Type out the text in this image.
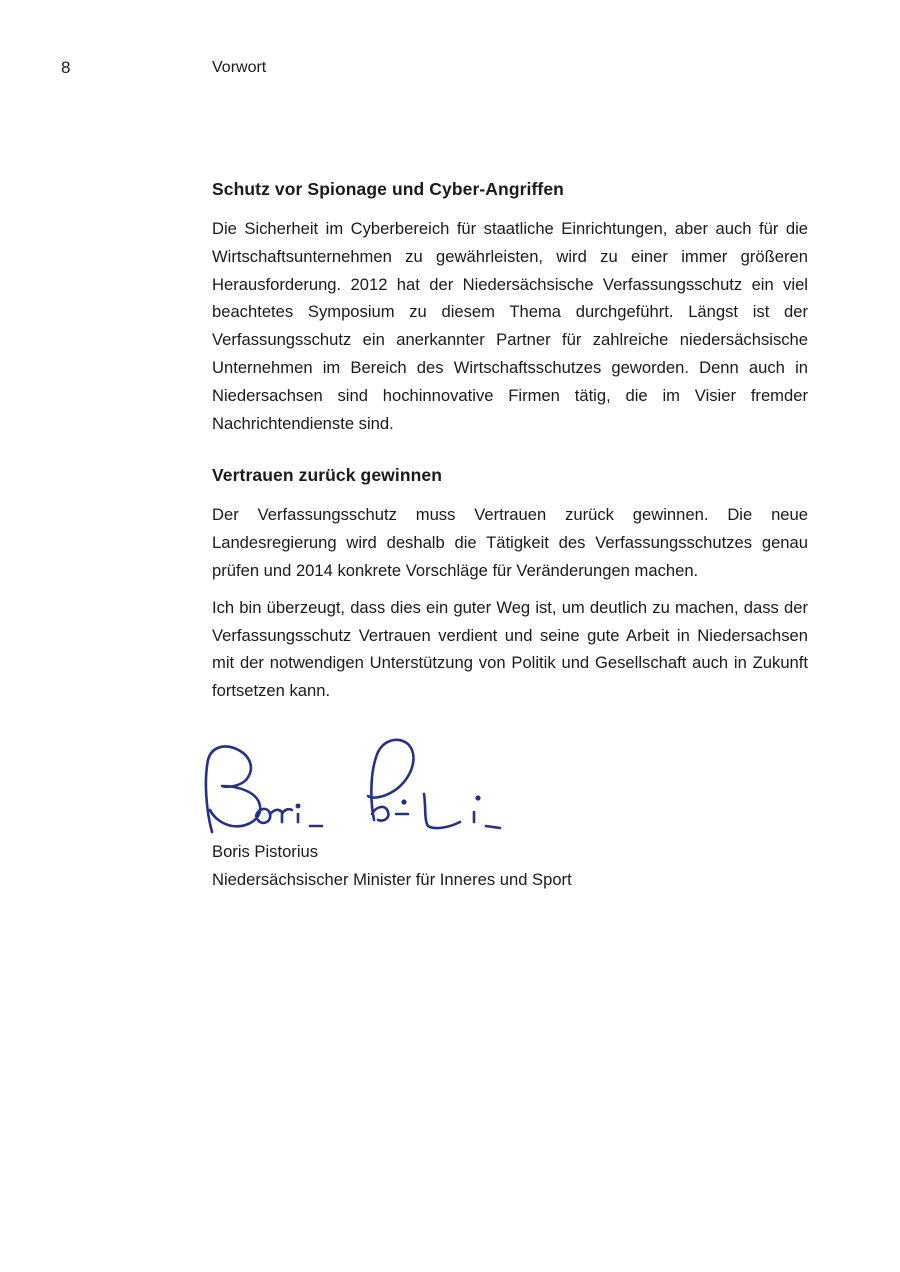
8	Vorwort
Schutz vor Spionage und Cyber-Angriffen

Die Sicherheit im Cyberbereich für staatliche Einrichtungen, aber auch für die Wirtschaftsunternehmen zu gewährleisten, wird zu einer immer größeren Herausforderung. 2012 hat der Niedersächsische Verfassungsschutz ein viel beachtetes Symposium zu diesem Thema durchgeführt. Längst ist der Verfassungsschutz ein anerkannter Partner für zahlreiche niedersächsische Unternehmen im Bereich des Wirtschaftsschutzes geworden. Denn auch in Niedersachsen sind hochinnovative Firmen tätig, die im Visier fremder Nachrichtendienste sind.

Vertrauen zurück gewinnen

Der Verfassungsschutz muss Vertrauen zurück gewinnen. Die neue Landesregierung wird deshalb die Tätigkeit des Verfassungsschutzes genau prüfen und 2014 konkrete Vorschläge für Veränderungen machen.

Ich bin überzeugt, dass dies ein guter Weg ist, um deutlich zu machen, dass der Verfassungsschutz Vertrauen verdient und seine gute Arbeit in Niedersachsen mit der notwendigen Unterstützung von Politik und Gesellschaft auch in Zukunft fortsetzen kann.

Boris Pistorius
Niedersächsischer Minister für Inneres und Sport
